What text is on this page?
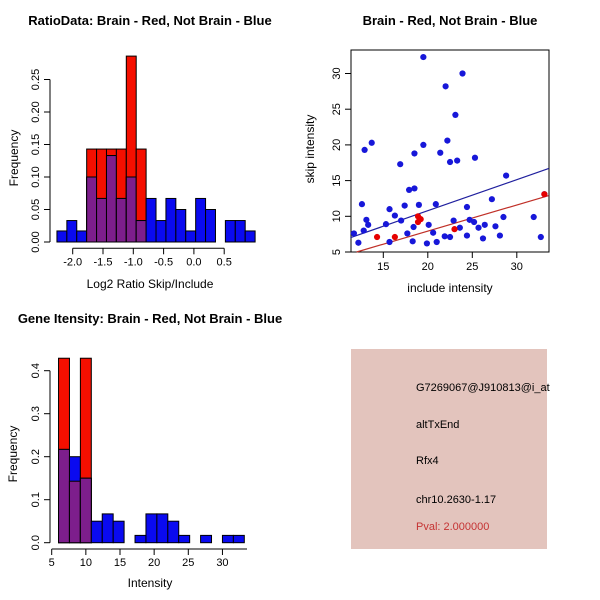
0.00
0.05
0.10
0.15
0.20
0.25
-2.0 -1.5 -1.0 -0.5 0.0 0.5
RatioData: Brain - Red, Not Brain - Blue
Log2 Ratio Skip/Include
Frequency
15	20	25	30
5
10
15
20
25
30
Brain - Red, Not Brain - Blue
include intensity
skip intensity
0.0
0.1
0.2
0.3
0.4
5 10 15 20 25 30
Gene Itensity: Brain - Red, Not Brain - Blue
Intensity
Frequency
G7269067@J910813@i_at
altTxEnd
Rfx4
chr10.2630-1.17
Pval: 2.000000
